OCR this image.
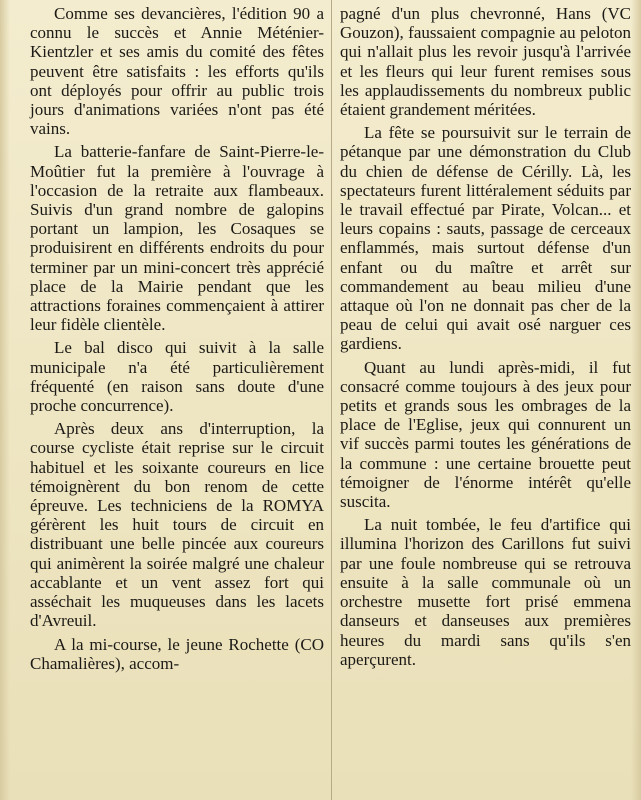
Comme ses devancières, l'édition 90 a connu le succès et Annie Méténier-Kientzler et ses amis du comité des fêtes peuvent être satisfaits : les efforts qu'ils ont déployés pour offrir au public trois jours d'animations variées n'ont pas été vains.

La batterie-fanfare de Saint-Pierre-le-Moûtier fut la première à l'ouvrage à l'occasion de la retraite aux flambeaux. Suivis d'un grand nombre de galopins portant un lampion, les Cosaques se produisirent en différents endroits du pour terminer par un mini-concert très apprécié place de la Mairie pendant que les attractions foraines commençaient à attirer leur fidèle clientèle.

Le bal disco qui suivit à la salle municipale n'a été particulièrement fréquenté (en raison sans doute d'une proche concurrence).

Après deux ans d'interruption, la course cycliste était reprise sur le circuit habituel et les soixante coureurs en lice témoignèrent du bon renom de cette épreuve. Les techniciens de la ROMYA gérèrent les huit tours de circuit en distribuant une belle pincée aux coureurs qui animèrent la soirée malgré une chaleur accablante et un vent assez fort qui asséchait les muqueuses dans les lacets d'Avreuil.

A la mi-course, le jeune Rochette (CO Chamalières), accom-

pagné d'un plus chevronné, Hans (VC Gouzon), faussaient compagnie au peloton qui n'allait plus les revoir jusqu'à l'arrivée et les fleurs qui leur furent remises sous les applaudissements du nombreux public étaient grandement méritées.

La fête se poursuivit sur le terrain de pétanque par une démonstration du Club du chien de défense de Cérilly. Là, les spectateurs furent littéralement séduits par le travail effectué par Pirate, Volcan... et leurs copains : sauts, passage de cerceaux enflammés, mais surtout défense d'un enfant ou du maître et arrêt sur commandement au beau milieu d'une attaque où l'on ne donnait pas cher de la peau de celui qui avait osé narguer ces gardiens.

Quant au lundi après-midi, il fut consacré comme toujours à des jeux pour petits et grands sous les ombrages de la place de l'Eglise, jeux qui connurent un vif succès parmi toutes les générations de la commune : une certaine brouette peut témoigner de l'énorme intérêt qu'elle suscita.

La nuit tombée, le feu d'artifice qui illumina l'horizon des Carillons fut suivi par une foule nombreuse qui se retrouva ensuite à la salle communale où un orchestre musette fort prisé emmena danseurs et danseuses aux premières heures du mardi sans qu'ils s'en aperçurent.
